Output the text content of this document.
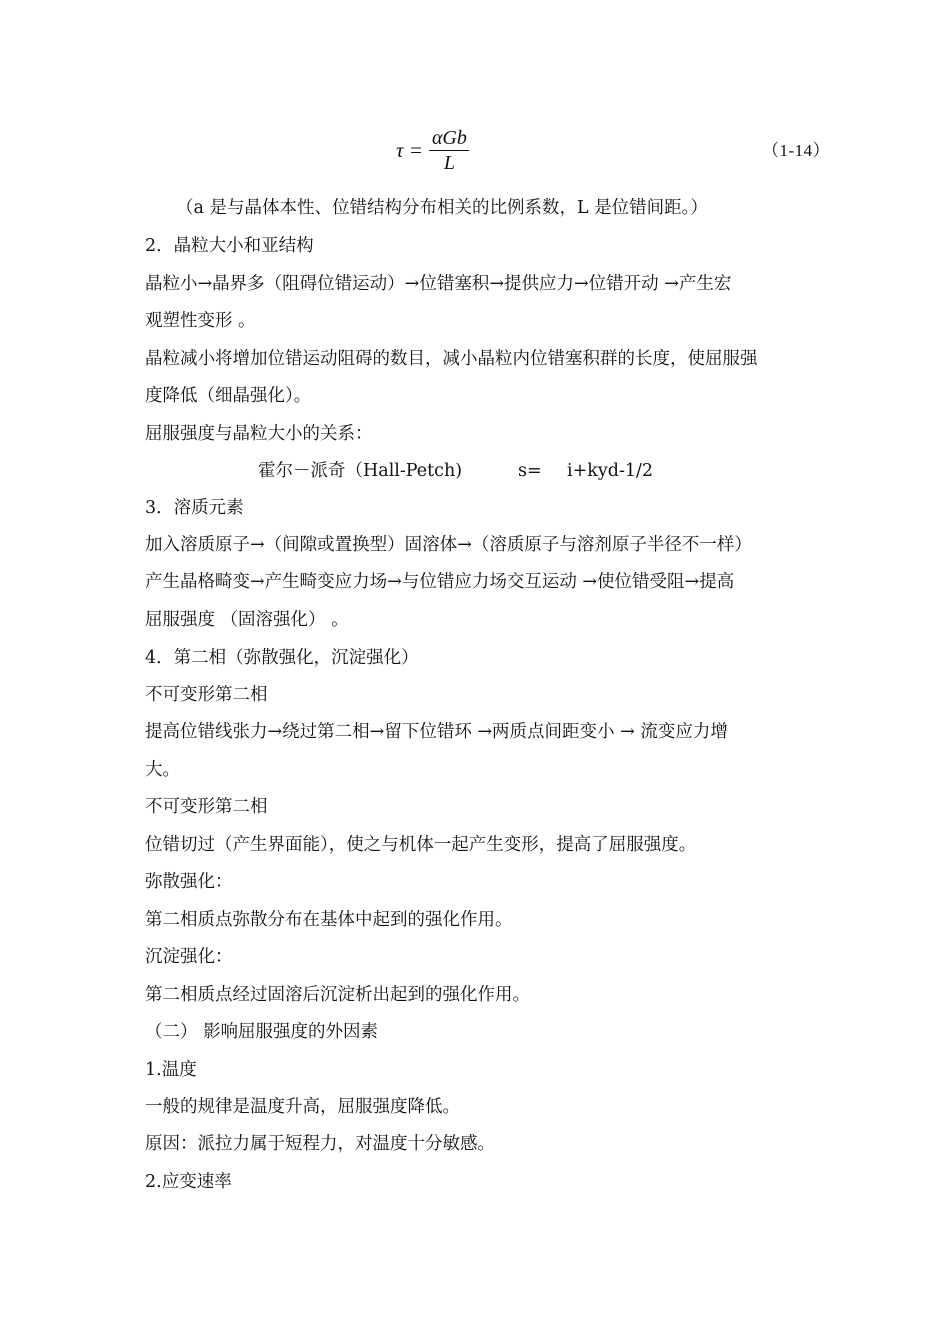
$\tau = \frac{\text{αGb}}{L}$	（1-14）
（a 是与晶体本性、位错结构分布相关的比例系数，L 是位错间距。）
2．晶粒大小和亚结构
晶粒小→晶界多（阻碍位错运动）→位错塞积→提供应力→位错开动 →产生宏
观塑性变形 。
晶粒减小将增加位错运动阻碍的数目，减小晶粒内位错塞积群的长度，使屈服强
度降低（细晶强化）。
屈服强度与晶粒大小的关系：
霍尔－派奇（Hall-Petch)	s= i+kyd-1/2
3．溶质元素
加入溶质原子→（间隙或置换型）固溶体→（溶质原子与溶剂原子半径不一样）
产生晶格畸变→产生畸变应力场→与位错应力场交互运动 →使位错受阻→提高
屈服强度 （固溶强化） 。
4．第二相（弥散强化，沉淀强化）
不可变形第二相
提高位错线张力→绕过第二相→留下位错环 →两质点间距变小 → 流变应力增
大。
不可变形第二相
位错切过（产生界面能），使之与机体一起产生变形，提高了屈服强度。
弥散强化：
第二相质点弥散分布在基体中起到的强化作用。
沉淀强化：
第二相质点经过固溶后沉淀析出起到的强化作用。
（二） 影响屈服强度的外因素
1.温度
一般的规律是温度升高，屈服强度降低。
原因：派拉力属于短程力，对温度十分敏感。
2.应变速率
